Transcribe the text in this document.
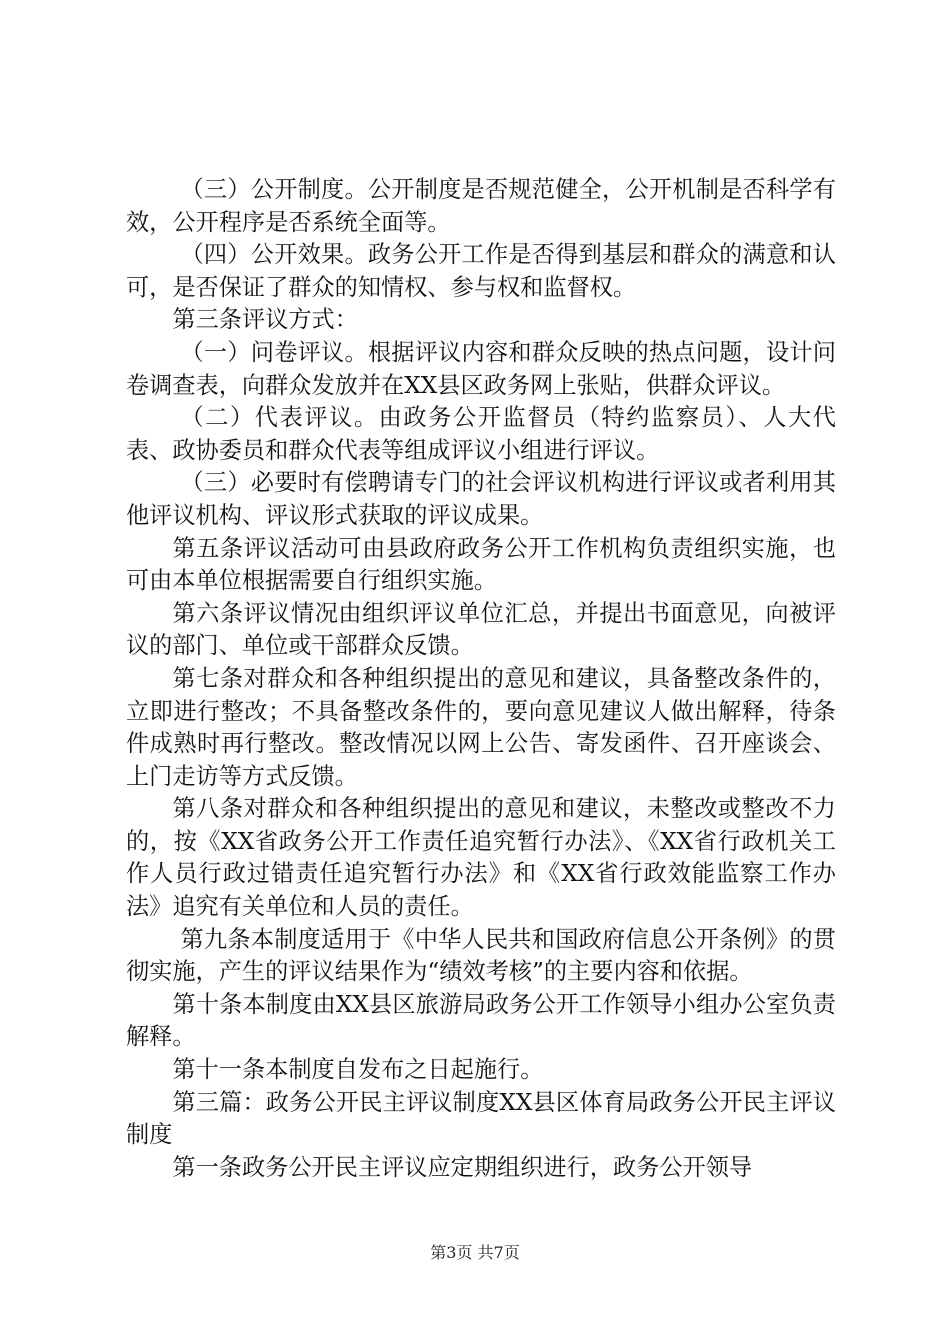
（三）公开制度。公开制度是否规范健全，公开机制是否科学有效，公开程序是否系统全面等。

（四）公开效果。政务公开工作是否得到基层和群众的满意和认可，是否保证了群众的知情权、参与权和监督权。

第三条评议方式：

（一）问卷评议。根据评议内容和群众反映的热点问题，设计问卷调查表，向群众发放并在XX县区政务网上张贴，供群众评议。

（二）代表评议。由政务公开监督员（特约监察员）、人大代表、政协委员和群众代表等组成评议小组进行评议。

（三）必要时有偿聘请专门的社会评议机构进行评议或者利用其他评议机构、评议形式获取的评议成果。

第五条评议活动可由县政府政务公开工作机构负责组织实施，也可由本单位根据需要自行组织实施。

第六条评议情况由组织评议单位汇总，并提出书面意见，向被评议的部门、单位或干部群众反馈。

第七条对群众和各种组织提出的意见和建议，具备整改条件的，立即进行整改；不具备整改条件的，要向意见建议人做出解释，待条件成熟时再行整改。整改情况以网上公告、寄发函件、召开座谈会、上门走访等方式反馈。

第八条对群众和各种组织提出的意见和建议，未整改或整改不力的，按《XX省政务公开工作责任追究暂行办法》、《XX省行政机关工作人员行政过错责任追究暂行办法》和《XX省行政效能监察工作办法》追究有关单位和人员的责任。

第九条本制度适用于《中华人民共和国政府信息公开条例》的贯彻实施，产生的评议结果作为“绩效考核”的主要内容和依据。

第十条本制度由XX县区旅游局政务公开工作领导小组办公室负责解释。

第十一条本制度自发布之日起施行。

第三篇：政务公开民主评议制度XX县区体育局政务公开民主评议制度

第一条政务公开民主评议应定期组织进行，政务公开领导

第3页 共7页
